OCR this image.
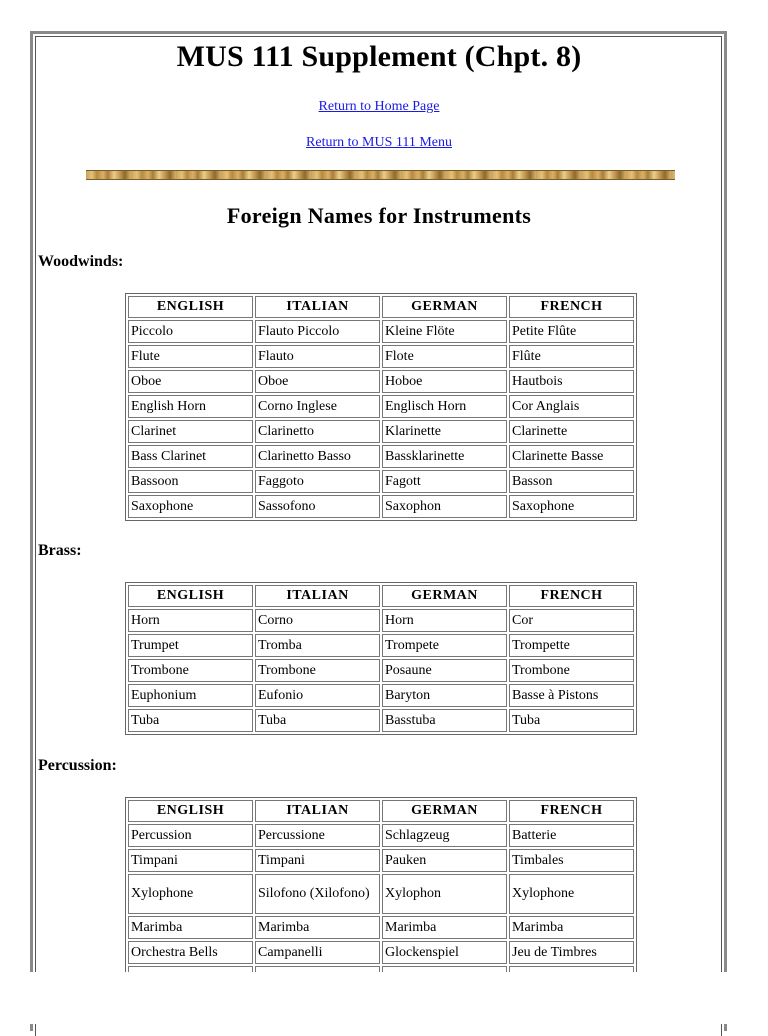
MUS 111 Supplement (Chpt. 8)
Return to Home Page
Return to MUS 111 Menu
Foreign Names for Instruments
Woodwinds:
ENGLISH	ITALIAN	GERMAN	FRENCH
Piccolo	Flauto Piccolo	Kleine Flöte	Petite Flûte
Flute	Flauto	Flote	Flûte
Oboe	Oboe	Hoboe	Hautbois
English Horn	Corno Inglese	Englisch Horn	Cor Anglais
Clarinet	Clarinetto	Klarinette	Clarinette
Bass Clarinet	Clarinetto Basso	Bassklarinette	Clarinette Basse
Bassoon	Faggoto	Fagott	Basson
Saxophone	Sassofono	Saxophon	Saxophone
Brass:
ENGLISH	ITALIAN	GERMAN	FRENCH
Horn	Corno	Horn	Cor
Trumpet	Tromba	Trompete	Trompette
Trombone	Trombone	Posaune	Trombone
Euphonium	Eufonio	Baryton	Basse à Pistons
Tuba	Tuba	Basstuba	Tuba
Percussion:
ENGLISH	ITALIAN	GERMAN	FRENCH
Percussion	Percussione	Schlagzeug	Batterie
Timpani	Timpani	Pauken	Timbales
Xylophone	Silofono (Xilofono)	Xylophon	Xylophone
Marimba	Marimba	Marimba	Marimba
Orchestra Bells	Campanelli	Glockenspiel	Jeu de Timbres
